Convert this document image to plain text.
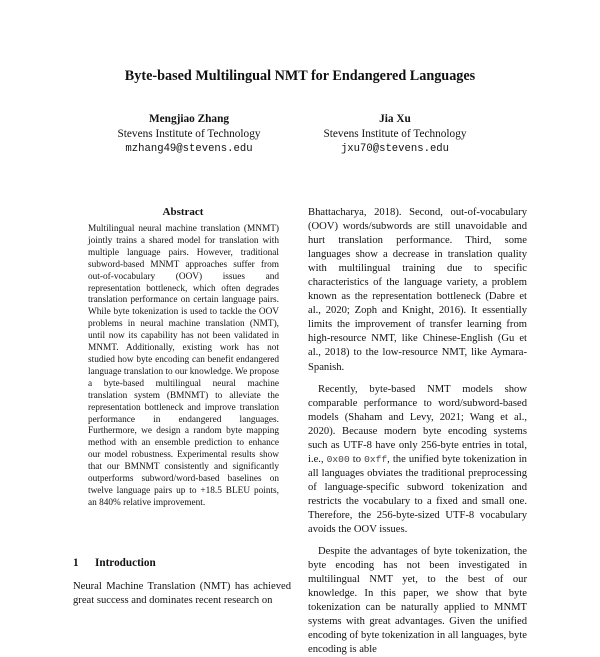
Byte-based Multilingual NMT for Endangered Languages
Mengjiao Zhang
Stevens Institute of Technology
mzhang49@stevens.edu
Jia Xu
Stevens Institute of Technology
jxu70@stevens.edu
Abstract

Multilingual neural machine translation (MNMT) jointly trains a shared model for translation with multiple language pairs. However, traditional subword-based MNMT approaches suffer from out-of-vocabulary (OOV) issues and representation bottleneck, which often degrades translation performance on certain language pairs. While byte tokenization is used to tackle the OOV problems in neural machine translation (NMT), until now its capability has not been validated in MNMT. Additionally, existing work has not studied how byte encoding can benefit endangered language translation to our knowledge. We propose a byte-based multilingual neural machine translation system (BMNMT) to alleviate the representation bottleneck and improve translation performance in endangered languages. Furthermore, we design a random byte mapping method with an ensemble prediction to enhance our model robustness. Experimental results show that our BMNMT consistently and significantly outperforms subword/word-based baselines on twelve language pairs up to +18.5 BLEU points, an 840% relative improvement.

1 Introduction

Neural Machine Translation (NMT) has achieved great success and dominates recent research on

Bhattacharya, 2018). Second, out-of-vocabulary (OOV) words/subwords are still unavoidable and hurt translation performance. Third, some languages show a decrease in translation quality with multilingual training due to specific characteristics of the language variety, a problem known as the representation bottleneck (Dabre et al., 2020; Zoph and Knight, 2016). It essentially limits the improvement of transfer learning from high-resource NMT, like Chinese-English (Gu et al., 2018) to the low-resource NMT, like Aymara-Spanish.

Recently, byte-based NMT models show comparable performance to word/subword-based models (Shaham and Levy, 2021; Wang et al., 2020). Because modern byte encoding systems such as UTF-8 have only 256-byte entries in total, i.e., 0x00 to 0xff, the unified byte tokenization in all languages obviates the traditional preprocessing of language-specific subword tokenization and restricts the vocabulary to a fixed and small one. Therefore, the 256-byte-sized UTF-8 vocabulary avoids the OOV issues.

Despite the advantages of byte tokenization, the byte encoding has not been investigated in multilingual NMT yet, to the best of our knowledge. In this paper, we show that byte tokenization can be naturally applied to MNMT systems with great advantages. Given the unified encoding of byte tokenization in all languages, byte encoding is able
